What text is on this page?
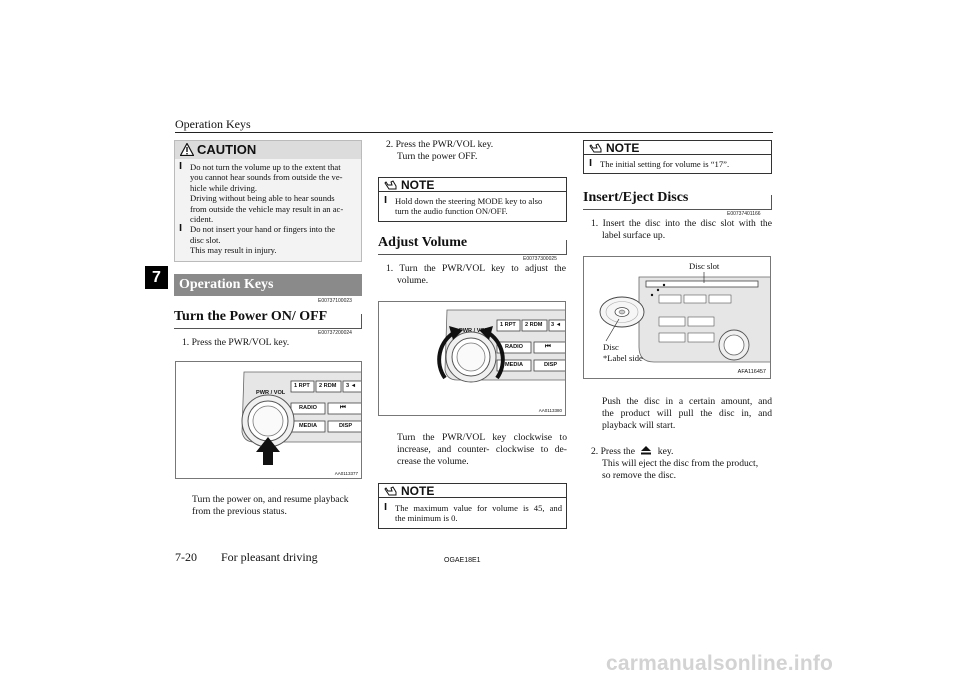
Operation Keys
7
CAUTION
l Do not turn the volume up to the extent that
you cannot hear sounds from outside the ve-
hicle while driving.
Driving without being able to hear sounds
from outside the vehicle may result in an ac-
cident.
l Do not insert your hand or fingers into the
disc slot.
This may result in injury.
Operation Keys
E00737100023
Turn the Power ON/ OFF
E00737200024
1. Press the PWR/VOL key.
PWR / VOL
1 RPT 2 RDM 3 ◄
RADIO	⏮
MEDIA	DISP
AA0113377
Turn the power on, and resume playback
from the previous status.
2. Press the PWR/VOL key.
Turn the power OFF.
NOTE
l Hold down the steering MODE key to also
turn the audio function ON/OFF.
Adjust Volume
E00737300025
1. Turn the PWR/VOL key to adjust the
volume.
PWR / VOL
1 RPT 2 RDM 3 ◄
RADIO	⏮
MEDIA	DISP
AA0113380
Turn the PWR/VOL key clockwise to
increase, and counter- clockwise to de-
crease the volume.
NOTE
l The maximum value for volume is 45, and
the minimum is 0.
NOTE
l The initial setting for volume is “17”.
Insert/Eject Discs
E00737401166
1. Insert the disc into the disc slot with the
label surface up.
Disc slot
Disc
*Label side
AFA116457
Push the disc in a certain amount, and
the product will pull the disc in, and
playback will start.
2. Press the key.
This will eject the disc from the product,
so remove the disc.
7-20 For pleasant driving	OGAE18E1
carmanualsonline.info
